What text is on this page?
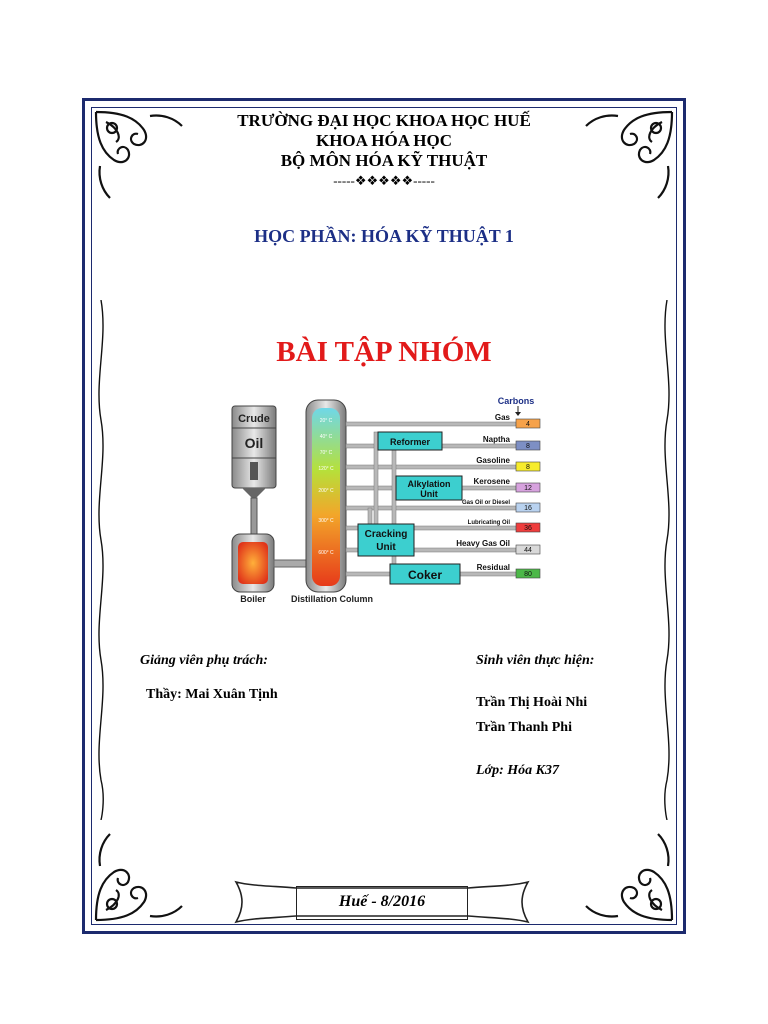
TRƯỜNG ĐẠI HỌC KHOA HỌC HUẾ
KHOA HÓA HỌC
BỘ MÔN HÓA KỸ THUẬT
-----❖❖❖❖❖-----
HỌC PHẦN: HÓA KỸ THUẬT 1
BÀI TẬP NHÓM
Crude
Oil
Boiler	Distillation Column
20° C
40° C
70° C
120° C
200° C
300° C
600° C
Gas
4
Naptha
8
Gasoline
8
Kerosene
12
Gas Oil or Diesel
16
Lubricating Oil
36
Heavy Gas Oil
44
Residual
80
Reformer
Alkylation
Unit
Cracking
Unit
Coker
Carbons
Giảng viên phụ trách:
Thầy: Mai Xuân Tịnh
Sinh viên thực hiện:
Trần Thị Hoài Nhi
Trần Thanh Phi
Lớp: Hóa K37
Huế - 8/2016
